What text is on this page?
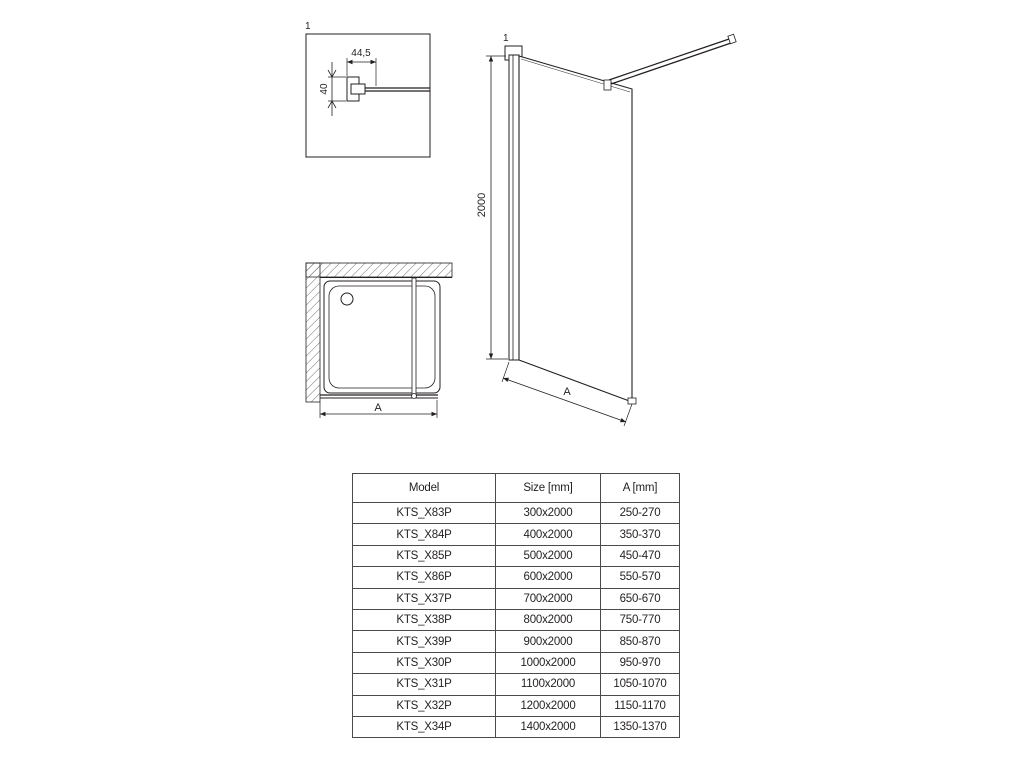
1
44,5
40
A
1
2000
A
Model	Size [mm]	A [mm]
KTS_X83P	300x2000	250-270
KTS_X84P	400x2000	350-370
KTS_X85P	500x2000	450-470
KTS_X86P	600x2000	550-570
KTS_X37P	700x2000	650-670
KTS_X38P	800x2000	750-770
KTS_X39P	900x2000	850-870
KTS_X30P	1000x2000	950-970
KTS_X31P	1100x2000	1050-1070
KTS_X32P	1200x2000	1150-1170
KTS_X34P	1400x2000	1350-1370
